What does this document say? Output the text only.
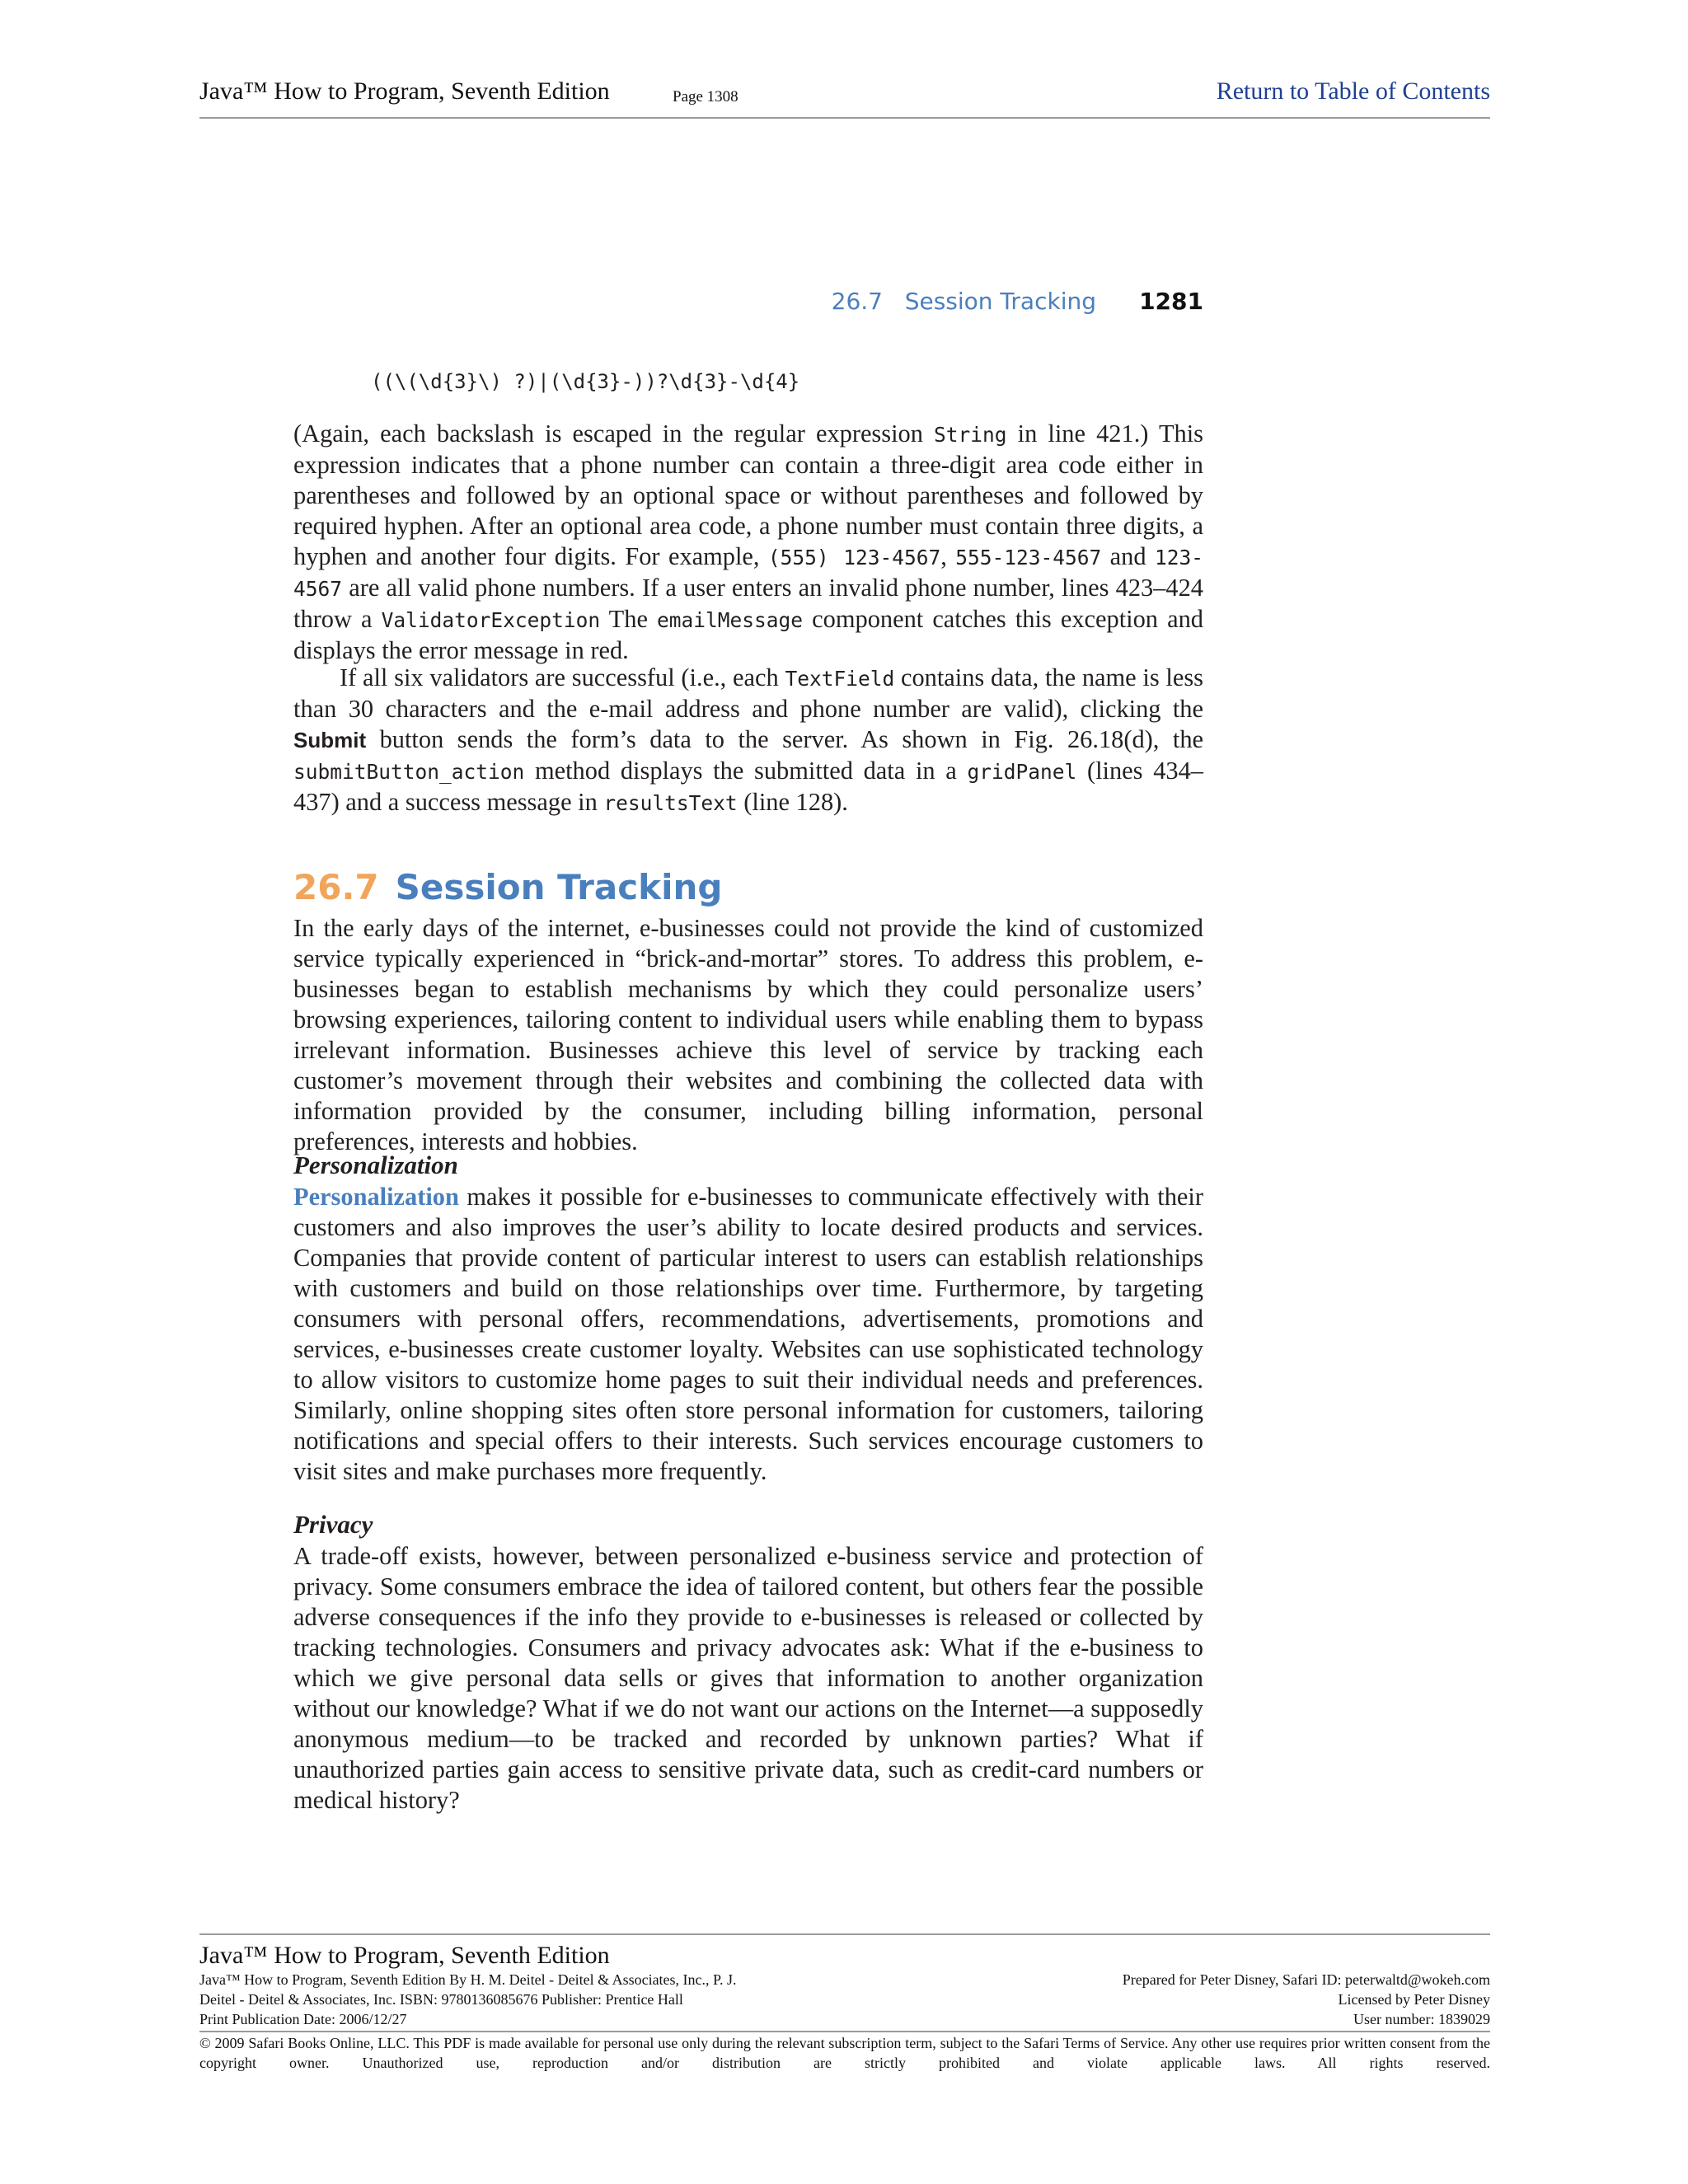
Java™ How to Program, Seventh Edition	Page 1308	Return to Table of Contents
26.7   Session Tracking 1281
((\(\d{3}\) ?)|(\d{3}-))?\d{3}-\d{4}

(Again, each backslash is escaped in the regular expression String in line 421.) This expression indicates that a phone number can contain a three-digit area code either in parentheses and followed by an optional space or without parentheses and followed by required hyphen. After an optional area code, a phone number must contain three digits, a hyphen and another four digits. For example, (555) 123-4567, 555-123-4567 and 123-4567 are all valid phone numbers. If a user enters an invalid phone number, lines 423–424 throw a ValidatorException The emailMessage component catches this exception and displays the error message in red.

If all six validators are successful (i.e., each TextField contains data, the name is less than 30 characters and the e-mail address and phone number are valid), clicking the Submit button sends the form’s data to the server. As shown in Fig. 26.18(d), the submitButton_action method displays the submitted data in a gridPanel (lines 434–437) and a success message in resultsText (line 128).

26.7 Session Tracking

In the early days of the internet, e-businesses could not provide the kind of customized service typically experienced in “brick-and-mortar” stores. To address this problem, e-businesses began to establish mechanisms by which they could personalize users’ browsing experiences, tailoring content to individual users while enabling them to bypass irrelevant information. Businesses achieve this level of service by tracking each customer’s movement through their websites and combining the collected data with information provided by the consumer, including billing information, personal preferences, interests and hobbies.

Personalization

Personalization makes it possible for e-businesses to communicate effectively with their customers and also improves the user’s ability to locate desired products and services. Companies that provide content of particular interest to users can establish relationships with customers and build on those relationships over time. Furthermore, by targeting consumers with personal offers, recommendations, advertisements, promotions and services, e-businesses create customer loyalty. Websites can use sophisticated technology to allow visitors to customize home pages to suit their individual needs and preferences. Similarly, online shopping sites often store personal information for customers, tailoring notifications and special offers to their interests. Such services encourage customers to visit sites and make purchases more frequently.

Privacy

A trade-off exists, however, between personalized e-business service and protection of privacy. Some consumers embrace the idea of tailored content, but others fear the possible adverse consequences if the info they provide to e-businesses is released or collected by tracking technologies. Consumers and privacy advocates ask: What if the e-business to which we give personal data sells or gives that information to another organization without our knowledge? What if we do not want our actions on the Internet—a supposedly anonymous medium—to be tracked and recorded by unknown parties? What if unauthorized parties gain access to sensitive private data, such as credit-card numbers or medical history?

Java™ How to Program, Seventh Edition
Java™ How to Program, Seventh Edition By H. M. Deitel - Deitel & Associates, Inc., P. J.	Prepared for Peter Disney, Safari ID: peterwaltd@wokeh.com
Deitel - Deitel & Associates, Inc. ISBN: 9780136085676 Publisher: Prentice Hall	Licensed by Peter Disney
Print Publication Date: 2006/12/27	User number: 1839029
© 2009 Safari Books Online, LLC. This PDF is made available for personal use only during the relevant subscription term, subject to the Safari Terms of Service. Any other use requires prior written consent from the copyright owner. Unauthorized use, reproduction and/or distribution are strictly prohibited and violate applicable laws. All rights reserved.
